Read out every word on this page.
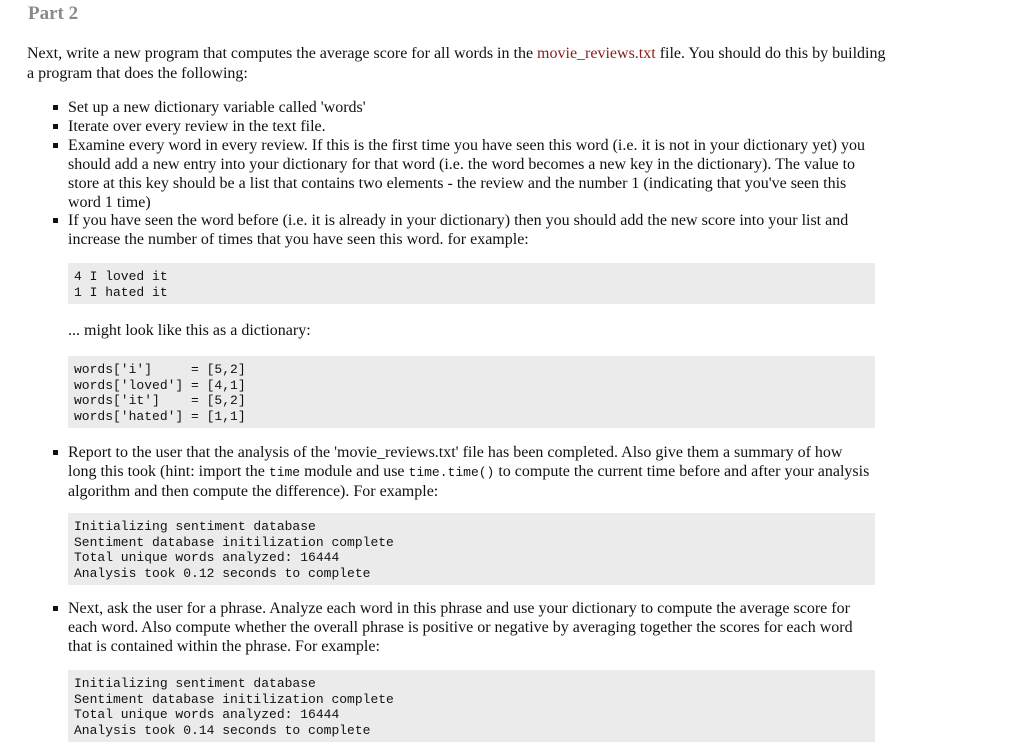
Part 2
Next, write a new program that computes the average score for all words in the movie_reviews.txt file. You should do this by building a program that does the following:
Set up a new dictionary variable called 'words'
Iterate over every review in the text file.
Examine every word in every review. If this is the first time you have seen this word (i.e. it is not in your dictionary yet) you should add a new entry into your dictionary for that word (i.e. the word becomes a new key in the dictionary). The value to store at this key should be a list that contains two elements - the review and the number 1 (indicating that you've seen this word 1 time)
If you have seen the word before (i.e. it is already in your dictionary) then you should add the new score into your list and increase the number of times that you have seen this word. for example:
4 I loved it
1 I hated it
... might look like this as a dictionary:
words['i']     = [5,2]
words['loved'] = [4,1]
words['it']    = [5,2]
words['hated'] = [1,1]
Report to the user that the analysis of the 'movie_reviews.txt' file has been completed. Also give them a summary of how long this took (hint: import the time module and use time.time() to compute the current time before and after your analysis algorithm and then compute the difference). For example:
Initializing sentiment database
Sentiment database initilization complete
Total unique words analyzed: 16444
Analysis took 0.12 seconds to complete
Next, ask the user for a phrase. Analyze each word in this phrase and use your dictionary to compute the average score for each word. Also compute whether the overall phrase is positive or negative by averaging together the scores for each word that is contained within the phrase. For example:
Initializing sentiment database
Sentiment database initilization complete
Total unique words analyzed: 16444
Analysis took 0.14 seconds to complete
